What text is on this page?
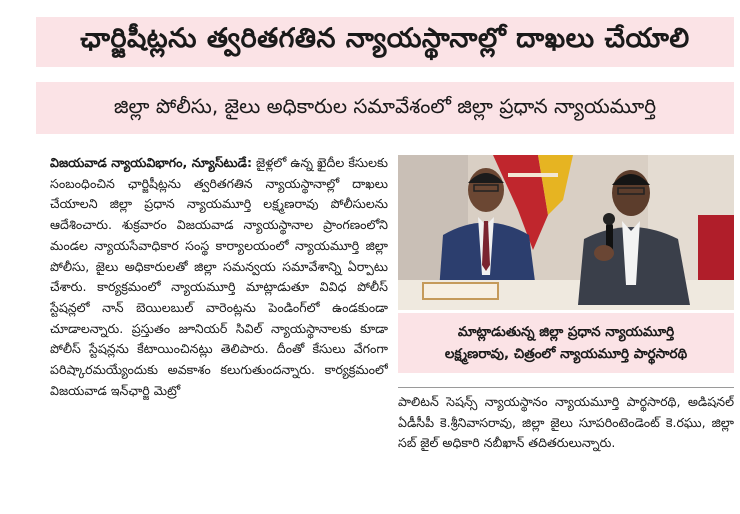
ఛార్జిషీట్లను త్వరితగతిన న్యాయస్థానాల్లో దాఖలు చేయాలి
జిల్లా పోలీసు, జైలు అధికారుల సమావేశంలో జిల్లా ప్రధాన న్యాయమూర్తి
విజయవాడ న్యాయవిభాగం, న్యూస్‌టుడే: జైళ్లలో ఉన్న ఖైదీల కేసులకు సంబంధించిన ఛార్జిషీట్లను త్వరితగతిన న్యాయస్థానాల్లో దాఖలు చేయాలని జిల్లా ప్రధాన న్యాయమూర్తి లక్ష్మణరావు పోలీసులను ఆదేశించారు. శుక్రవారం విజయవాడ న్యాయస్థానాల ప్రాంగణంలోని మండల న్యాయసేవాధికార సంస్థ కార్యాలయంలో న్యాయమూర్తి జిల్లా పోలీసు, జైలు అధికారులతో జిల్లా సమన్వయ సమావేశాన్ని ఏర్పాటు చేశారు. కార్యక్రమంలో న్యాయమూర్తి మాట్లాడుతూ వివిధ పోలీస్ స్టేషన్లలో నాన్ బెయిలబుల్ వారెంట్లను పెండింగ్‌లో ఉండకుండా చూడాలన్నారు. ప్రస్తుతం జూనియర్ సివిల్ న్యాయస్థానాలకు కూడా పోలీస్ స్టేషన్లను కేటాయించినట్లు తెలిపారు. దీంతో కేసులు వేగంగా పరిష్కారమయ్యేందుకు అవకాశం కలుగుతుందన్నారు. కార్యక్రమంలో విజయవాడ ఇన్‌ఛార్జి మెట్రో
మాట్లాడుతున్న జిల్లా ప్రధాన న్యాయమూర్తి
లక్ష్మణరావు, చిత్రంలో న్యాయమూర్తి పార్థసారథి
పాలిటన్ సెషన్స్ న్యాయస్థానం న్యాయమూర్తి పార్థసారథి, అడిషనల్ ఏడీసీపీ కె.శ్రీనివాసరావు, జిల్లా జైలు సూపరింటెండెంట్ కె.రఘు, జిల్లా సబ్ జైల్ అధికారి నబీఖాన్ తదితరులున్నారు.
